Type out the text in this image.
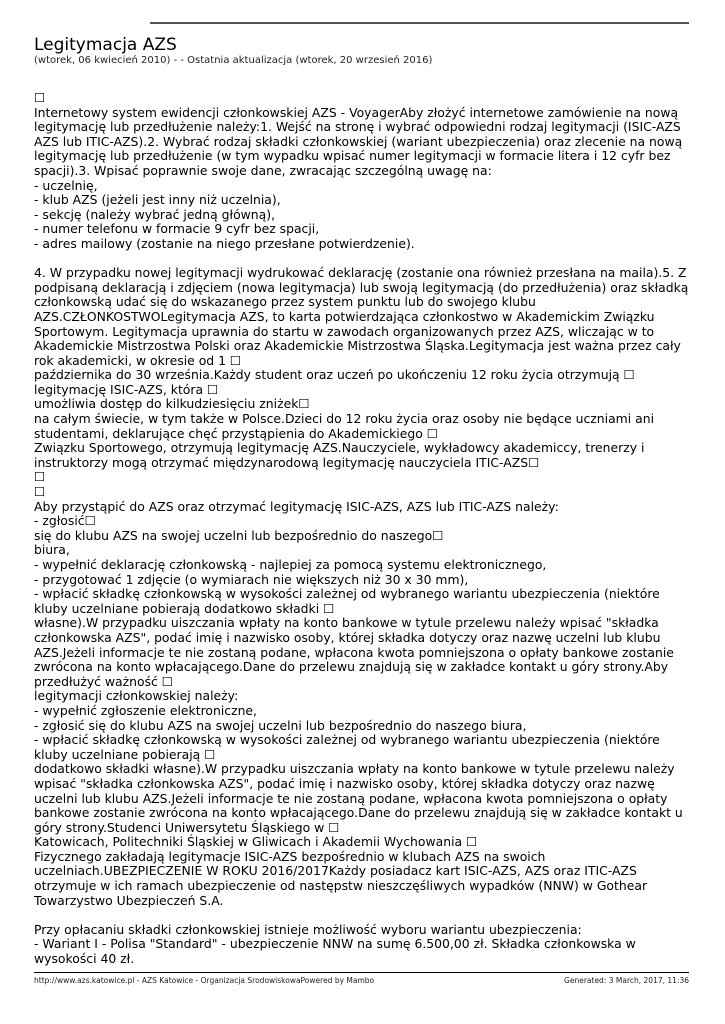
Legitymacja AZS
(wtorek, 06 kwiecień 2010) - - Ostatnia aktualizacja (wtorek, 20 wrzesień 2016)
☐
Internetowy system ewidencji członkowskiej AZS - VoyagerAby złożyć internetowe zamówienie na nową
legitymację lub przedłużenie należy:1. Wejść na stronę i wybrać odpowiedni rodzaj legitymacji (ISIC-AZS
AZS lub ITIC-AZS).2. Wybrać rodzaj składki członkowskiej (wariant ubezpieczenia) oraz zlecenie na nową
legitymację lub przedłużenie (w tym wypadku wpisać numer legitymacji w formacie litera i 12 cyfr bez
spacji).3. Wpisać poprawnie swoje dane, zwracając szczególną uwagę na:
- uczelnię,
- klub AZS (jeżeli jest inny niż uczelnia),
- sekcję (należy wybrać jedną główną),
- numer telefonu w formacie 9 cyfr bez spacji,
- adres mailowy (zostanie na niego przesłane potwierdzenie).
4. W przypadku nowej legitymacji wydrukować deklarację (zostanie ona również przesłana na maila).5. Z
podpisaną deklaracją i zdjęciem (nowa legitymacja) lub swoją legitymacją (do przedłużenia) oraz składką
członkowską udać się do wskazanego przez system punktu lub do swojego klubu
AZS.CZŁONKOSTWOLegitymacja AZS, to karta potwierdzająca członkostwo w Akademickim Związku
Sportowym. Legitymacja uprawnia do startu w zawodach organizowanych przez AZS, wliczając w to
Akademickie Mistrzostwa Polski oraz Akademickie Mistrzostwa Śląska.Legitymacja jest ważna przez cały
rok akademicki, w okresie od 1 ☐
października do 30 września.Każdy student oraz uczeń po ukończeniu 12 roku życia otrzymują ☐
legitymację ISIC-AZS, która ☐
umożliwia dostęp do kilkudziesięciu zniżek☐
na całym świecie, w tym także w Polsce.Dzieci do 12 roku życia oraz osoby nie będące uczniami ani
studentami, deklarujące chęć przystąpienia do Akademickiego ☐
Związku Sportowego, otrzymują legitymację AZS.Nauczyciele, wykładowcy akademiccy, trenerzy i
instruktorzy mogą otrzymać międzynarodową legitymację nauczyciela ITIC-AZS☐
☐
☐
Aby przystąpić do AZS oraz otrzymać legitymację ISIC-AZS, AZS lub ITIC-AZS należy:
- zgłosić☐
się do klubu AZS na swojej uczelni lub bezpośrednio do naszego☐
biura,
- wypełnić deklarację członkowską - najlepiej za pomocą systemu elektronicznego,
- przygotować 1 zdjęcie (o wymiarach nie większych niż 30 x 30 mm),
- wpłacić składkę członkowską w wysokości zależnej od wybranego wariantu ubezpieczenia (niektóre
kluby uczelniane pobierają dodatkowo składki ☐
własne).W przypadku uiszczania wpłaty na konto bankowe w tytule przelewu należy wpisać "składka
członkowska AZS", podać imię i nazwisko osoby, której składka dotyczy oraz nazwę uczelni lub klubu
AZS.Jeżeli informacje te nie zostaną podane, wpłacona kwota pomniejszona o opłaty bankowe zostanie
zwrócona na konto wpłacającego.Dane do przelewu znajdują się w zakładce kontakt u góry strony.Aby
przedłużyć ważność ☐
legitymacji członkowskiej należy:
- wypełnić zgłoszenie elektroniczne,
- zgłosić się do klubu AZS na swojej uczelni lub bezpośrednio do naszego biura,
- wpłacić składkę członkowską w wysokości zależnej od wybranego wariantu ubezpieczenia (niektóre
kluby uczelniane pobierają ☐
dodatkowo składki własne).W przypadku uiszczania wpłaty na konto bankowe w tytule przelewu należy
wpisać "składka członkowska AZS", podać imię i nazwisko osoby, której składka dotyczy oraz nazwę
uczelni lub klubu AZS.Jeżeli informacje te nie zostaną podane, wpłacona kwota pomniejszona o opłaty
bankowe zostanie zwrócona na konto wpłacającego.Dane do przelewu znajdują się w zakładce kontakt u
góry strony.Studenci Uniwersytetu Śląskiego w ☐
Katowicach, Politechniki Śląskiej w Gliwicach i Akademii Wychowania ☐
Fizycznego zakładają legitymacje ISIC-AZS bezpośrednio w klubach AZS na swoich
uczelniach.UBEZPIECZENIE W ROKU 2016/2017Każdy posiadacz kart ISIC-AZS, AZS oraz ITIC-AZS
otrzymuje w ich ramach ubezpieczenie od następstw nieszczęśliwych wypadków (NNW) w Gothear
Towarzystwo Ubezpieczeń S.A.
Przy opłacaniu składki członkowskiej istnieje możliwość wyboru wariantu ubezpieczenia:
- Wariant I - Polisa "Standard" - ubezpieczenie NNW na sumę 6.500,00 zł. Składka członkowska w
wysokości 40 zł.
http://www.azs.katowice.pl - AZS Katowice - Organizacja SrodowiskowaPowered by Mambo	Generated: 3 March, 2017, 11:36
